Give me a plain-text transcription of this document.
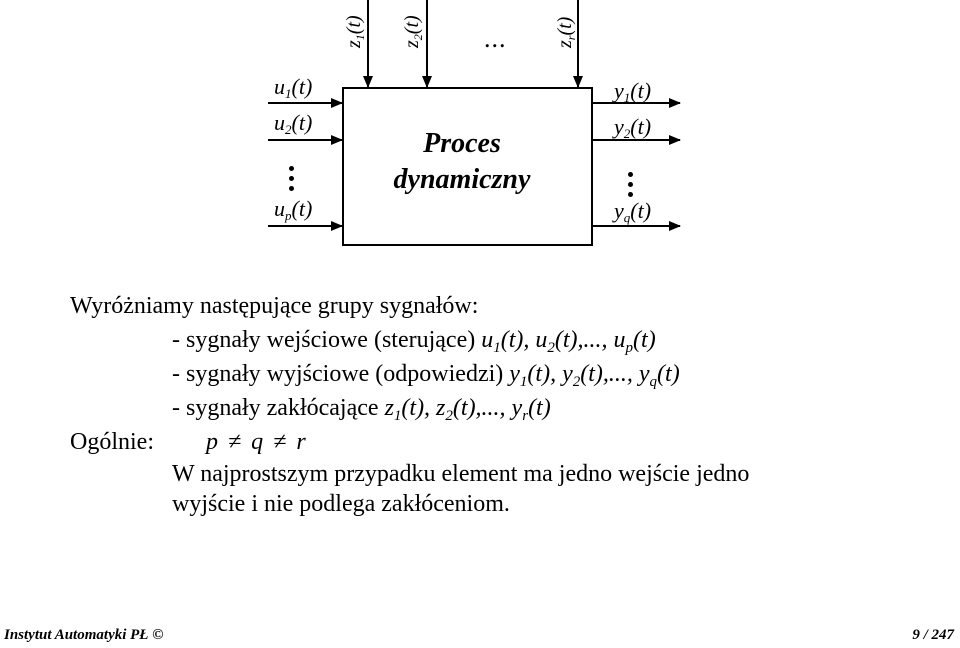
$z_1(t)$
$z_2(t)$
$z_r(t)$
...
$u_1(t)$
$u_2(t)$
$u_p(t)$
Proces
dynamiczny
$y_1(t)$
$y_2(t)$
$y_q(t)$
Wyróżniamy następujące grupy sygnałów:
- sygnały wejściowe (sterujące) $u_1(t)$, $u_2(t)$,..., $u_p(t)$
- sygnały wyjściowe (odpowiedzi) $y_1(t)$, $y_2(t)$,..., $y_q(t)$
- sygnały zakłócające $z_1(t)$, $z_2(t)$,..., $y_r(t)$
Ogólnie: p ≠ q ≠ r
W najprostszym przypadku element ma jedno wejście jedno
wyjście i nie podlega zakłóceniom.
Instytut Automatyki PŁ ©	9 / 247
